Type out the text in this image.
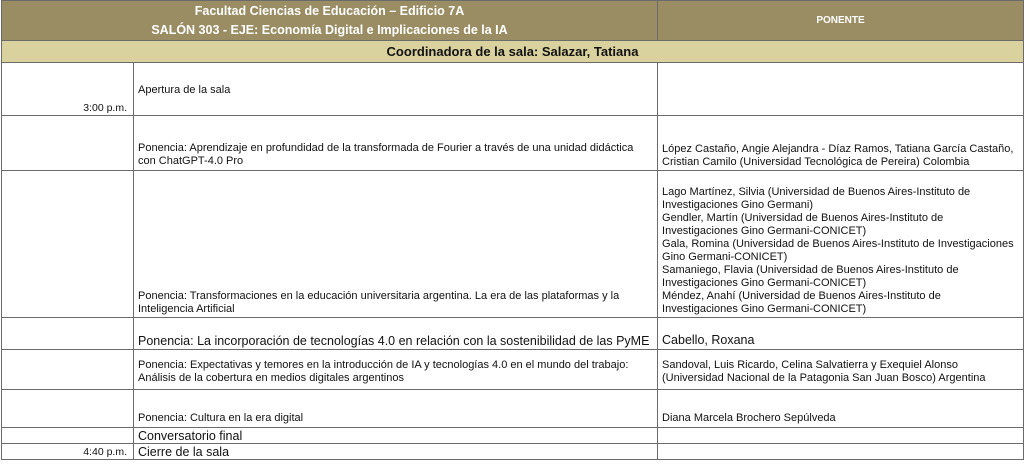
Facultad Ciencias de Educación – Edificio 7A
SALÓN 303 - EJE: Economía Digital e Implicaciones de la IA		PONENTE
Coordinadora de la sala: Salazar, Tatiana		
3:00 p.m.	Apertura de la sala	
	Ponencia: Aprendizaje en profundidad de la transformada de Fourier a través de una unidad didáctica con ChatGPT-4.0 Pro	López Castaño, Angie Alejandra - Díaz Ramos, Tatiana García Castaño, Cristian Camilo (Universidad Tecnológica de Pereira) Colombia
	Ponencia: Transformaciones en la educación universitaria argentina. La era de las plataformas y la Inteligencia Artificial	Lago Martínez, Silvia (Universidad de Buenos Aires-Instituto de Investigaciones Gino Germani)
Gendler, Martín (Universidad de Buenos Aires-Instituto de Investigaciones Gino Germani-CONICET)
Gala, Romina (Universidad de Buenos Aires-Instituto de Investigaciones Gino Germani-CONICET)
Samaniego, Flavia (Universidad de Buenos Aires-Instituto de Investigaciones Gino Germani-CONICET)
Méndez, Anahí (Universidad de Buenos Aires-Instituto de Investigaciones Gino Germani-CONICET)

	Ponencia: La incorporación de tecnologías 4.0 en relación con la sostenibilidad de las PyME	Cabello, Roxana
	Ponencia: Expectativas y temores en la introducción de IA y tecnologías 4.0 en el mundo del trabajo: Análisis de la cobertura en medios digitales argentinos	Sandoval, Luis Ricardo, Celina Salvatierra y Exequiel Alonso (Universidad Nacional de la Patagonia San Juan Bosco) Argentina
	Ponencia: Cultura en la era digital	Diana Marcela Brochero Sepúlveda
	Conversatorio final	
4:40 p.m.	Cierre de la sala	
